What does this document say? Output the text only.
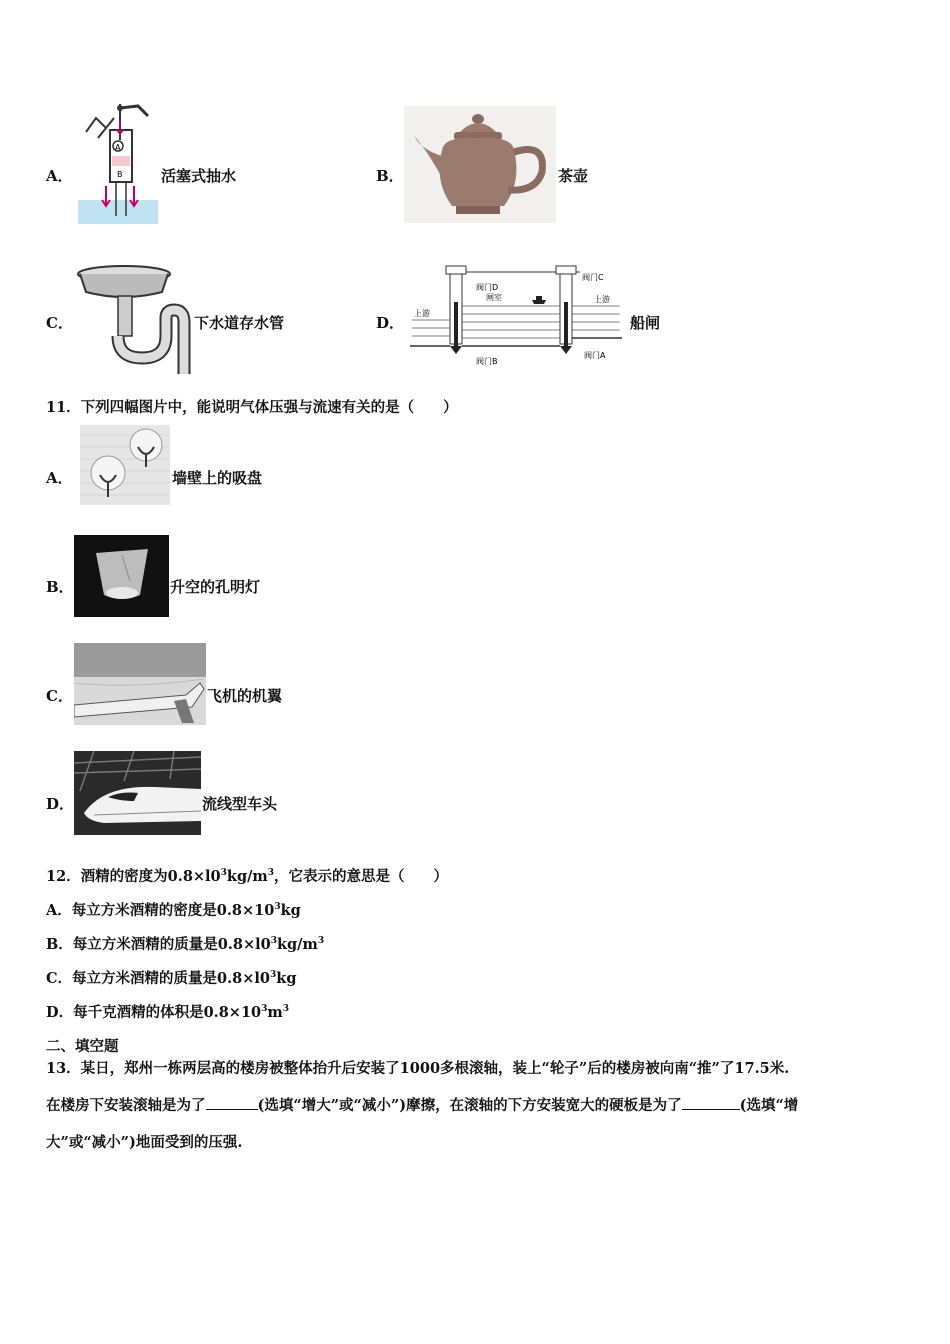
A．
A
B	活塞式抽水	B．	茶壶
C．	下水道存水管	D．
阀门C
阀门D
闸室
上游
上游
阀门B
阀门A
船闸
11．下列四幅图片中，能说明气体压强与流速有关的是（　　）
A．	墙壁上的吸盘
B．	升空的孔明灯
C．	飞机的机翼
D．	流线型车头
12．酒精的密度为$0.8\times l0^3kg/m^3$，它表示的意思是（　　）
A．每立方米酒精的密度是$0.8\times 10^3kg$
B．每立方米酒精的质量是$0.8\times l0^3kg/m^3$
C．每立方米酒精的质量是$0.8\times l0^3kg$
D．每千克酒精的体积是$0.8\times 10^3m^3$
二、填空题
13．某日，郑州一栋两层高的楼房被整体抬升后安装了1000多根滚轴，装上“轮子”后的楼房被向南“推”了17.5米.
在楼房下安装滚轴是为了	(选填“增大”或“减小”)摩擦，在滚轴的下方安装宽大的硬板是为了	(选填“增
大”或“减小”)地面受到的压强.
